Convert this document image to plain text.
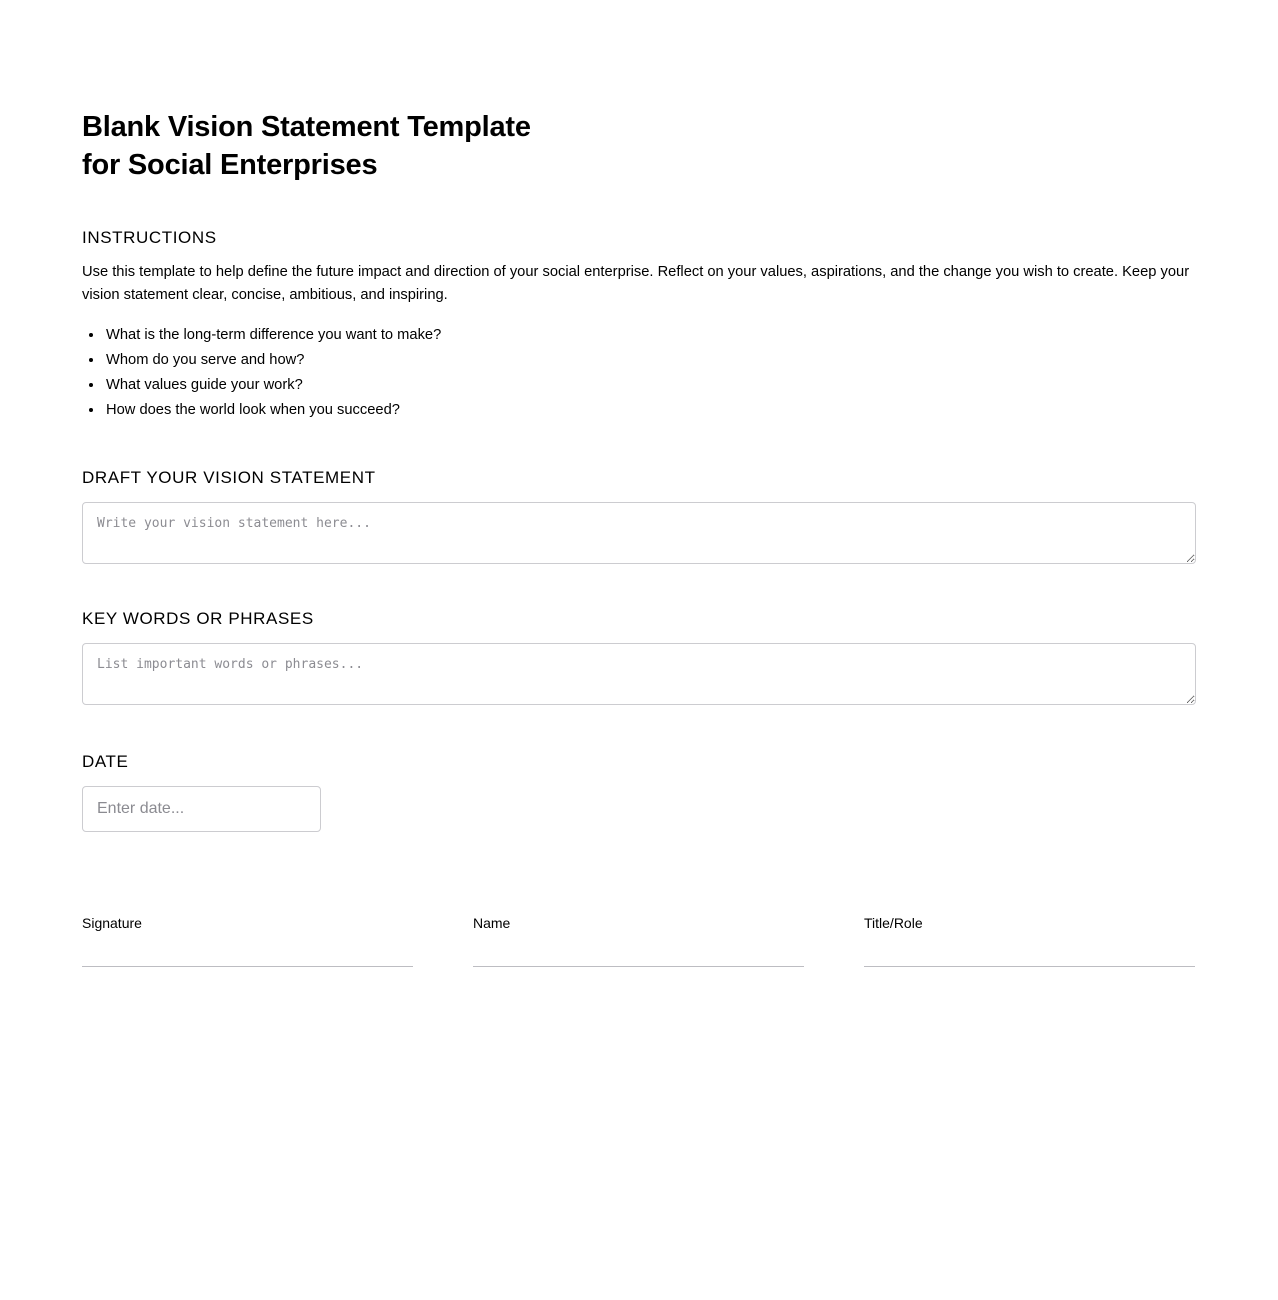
Blank Vision Statement Template
for Social Enterprises
INSTRUCTIONS

Use this template to help define the future impact and direction of your social enterprise. Reflect on your values, aspirations, and the change you wish to create. Keep your vision statement clear, concise, ambitious, and inspiring.

• What is the long-term difference you want to make?
• Whom do you serve and how?
• What values guide your work?
• How does the world look when you succeed?
DRAFT YOUR VISION STATEMENT
Write your vision statement here...
KEY WORDS OR PHRASES
List important words or phrases...
DATE
Enter date...
Signature	Name	Title/Role
